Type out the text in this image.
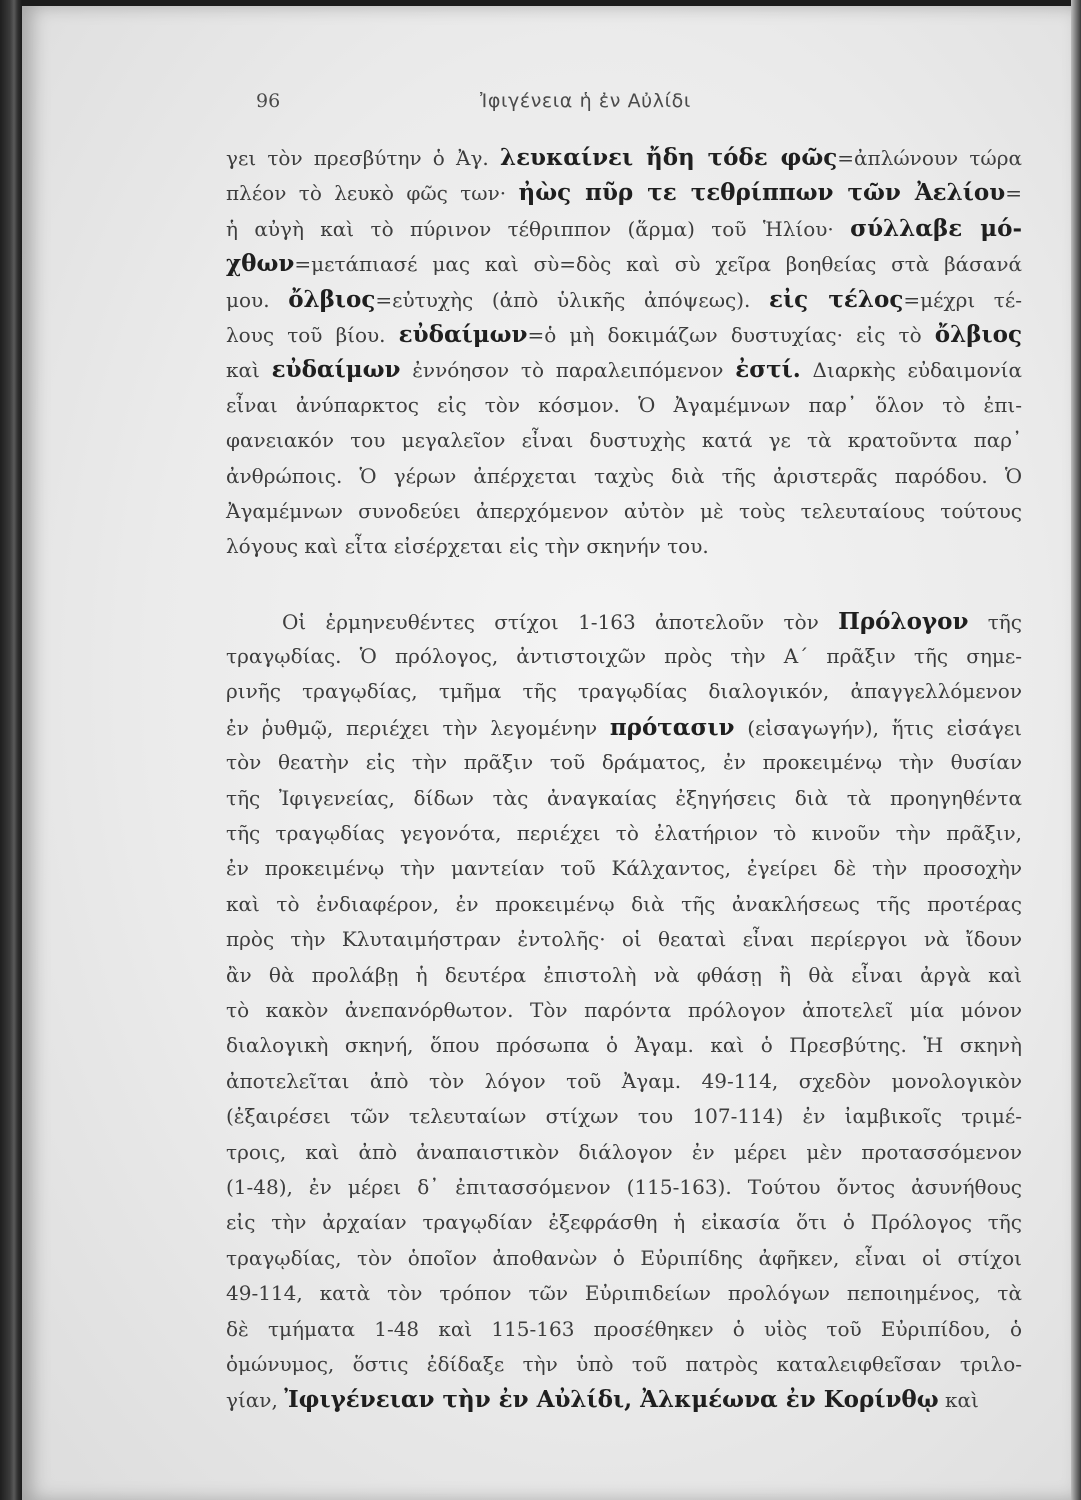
96	Ἰφιγένεια ἡ ἐν Αὐλίδι
γει τὸν πρεσβύτην ὁ Ἀγ. λευκαίνει ἤδη τόδε φῶς=ἀπλώνουν τώρα
πλέον τὸ λευκὸ φῶς των· ἠὼς πῦρ τε τεθρίππων τῶν Ἀελίου=
ἡ αὐγὴ καὶ τὸ πύρινον τέθριππον (ἅρμα) τοῦ Ἡλίου· σύλλαβε μό-
χθων=μετάπιασέ μας καὶ σὺ=δὸς καὶ σὺ χεῖρα βοηθείας στὰ βάσανά
μου. ὄλβιος=εὐτυχὴς (ἀπὸ ὑλικῆς ἀπόψεως). εἰς τέλος=μέχρι τέ-
λους τοῦ βίου. εὐδαίμων=ὁ μὴ δοκιμάζων δυστυχίας· εἰς τὸ ὄλβιος
καὶ εὐδαίμων ἐννόησον τὸ παραλειπόμενον ἐστί. Διαρκὴς εὐδαιμονία
εἶναι ἀνύπαρκτος εἰς τὸν κόσμον. Ὁ Ἀγαμέμνων παρ᾽ ὅλον τὸ ἐπι-
φανειακόν του μεγαλεῖον εἶναι δυστυχὴς κατά γε τὰ κρατοῦντα παρ᾽
ἀνθρώποις. Ὁ γέρων ἀπέρχεται ταχὺς διὰ τῆς ἀριστερᾶς παρόδου. Ὁ
Ἀγαμέμνων συνοδεύει ἀπερχόμενον αὐτὸν μὲ τοὺς τελευταίους τούτους
λόγους καὶ εἶτα εἰσέρχεται εἰς τὴν σκηνήν του.
Οἱ ἑρμηνευθέντες στίχοι 1-163 ἀποτελοῦν τὸν Πρόλογον τῆς
τραγῳδίας. Ὁ πρόλογος, ἀντιστοιχῶν πρὸς τὴν Α´ πρᾶξιν τῆς σημε-
ρινῆς τραγῳδίας, τμῆμα τῆς τραγῳδίας διαλογικόν, ἀπαγγελλόμενον
ἐν ῥυθμῷ, περιέχει τὴν λεγομένην πρότασιν (εἰσαγωγήν), ἥτις εἰσάγει
τὸν θεατὴν εἰς τὴν πρᾶξιν τοῦ δράματος, ἐν προκειμένῳ τὴν θυσίαν
τῆς Ἰφιγενείας, δίδων τὰς ἀναγκαίας ἐξηγήσεις διὰ τὰ προηγηθέντα
τῆς τραγῳδίας γεγονότα, περιέχει τὸ ἐλατήριον τὸ κινοῦν τὴν πρᾶξιν,
ἐν προκειμένῳ τὴν μαντείαν τοῦ Κάλχαντος, ἐγείρει δὲ τὴν προσοχὴν
καὶ τὸ ἐνδιαφέρον, ἐν προκειμένῳ διὰ τῆς ἀνακλήσεως τῆς προτέρας
πρὸς τὴν Κλυταιμήστραν ἐντολῆς· οἱ θεαταὶ εἶναι περίεργοι νὰ ἴδουν
ἂν θὰ προλάβῃ ἡ δευτέρα ἐπιστολὴ νὰ φθάσῃ ἢ θὰ εἶναι ἀργὰ καὶ
τὸ κακὸν ἀνεπανόρθωτον. Τὸν παρόντα πρόλογον ἀποτελεῖ μία μόνον
διαλογικὴ σκηνή, ὅπου πρόσωπα ὁ Ἀγαμ. καὶ ὁ Πρεσβύτης. Ἡ σκηνὴ
ἀποτελεῖται ἀπὸ τὸν λόγον τοῦ Ἀγαμ. 49-114, σχεδὸν μονολογικὸν
(ἐξαιρέσει τῶν τελευταίων στίχων του 107-114) ἐν ἰαμβικοῖς τριμέ-
τροις, καὶ ἀπὸ ἀναπαιστικὸν διάλογον ἐν μέρει μὲν προτασσόμενον
(1-48), ἐν μέρει δ᾽ ἐπιτασσόμενον (115-163). Τούτου ὄντος ἀσυνήθους
εἰς τὴν ἀρχαίαν τραγῳδίαν ἐξεφράσθη ἡ εἰκασία ὅτι ὁ Πρόλογος τῆς
τραγῳδίας, τὸν ὁποῖον ἀποθανὼν ὁ Εὐριπίδης ἀφῆκεν, εἶναι οἱ στίχοι
49-114, κατὰ τὸν τρόπον τῶν Εὐριπιδείων προλόγων πεποιημένος, τὰ
δὲ τμήματα 1-48 καὶ 115-163 προσέθηκεν ὁ υἱὸς τοῦ Εὐριπίδου, ὁ
ὁμώνυμος, ὅστις ἐδίδαξε τὴν ὑπὸ τοῦ πατρὸς καταλειφθεῖσαν τριλο-
γίαν, Ἰφιγένειαν τὴν ἐν Αὐλίδι, Ἀλκμέωνα ἐν Κορίνθῳ καὶ
